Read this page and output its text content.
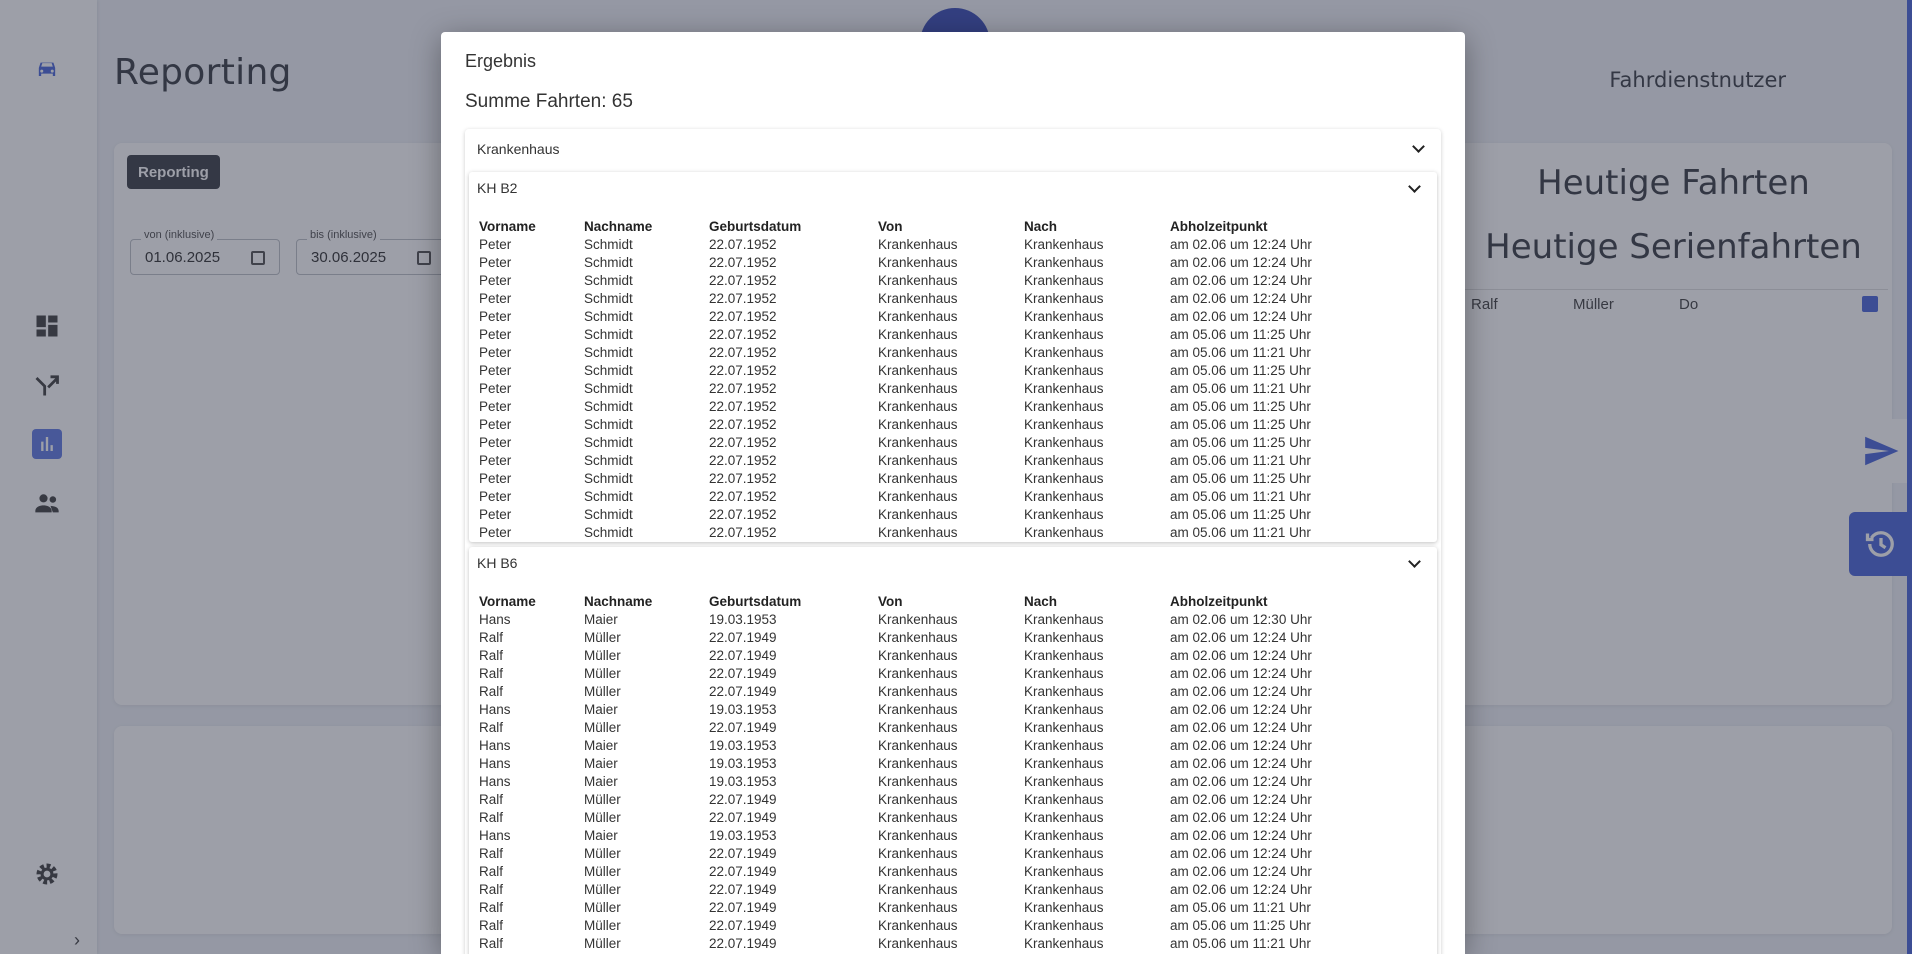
Ergebnis
Summe Fahrten: 65
Krankenhaus
KH B2
Vorname	Nachname	Geburtsdatum	Von	Nach	Abholzeitpunkt
Peter	Schmidt	22.07.1952	Krankenhaus	Krankenhaus	am 02.06 um 12:24 Uhr
Peter	Schmidt	22.07.1952	Krankenhaus	Krankenhaus	am 02.06 um 12:24 Uhr
Peter	Schmidt	22.07.1952	Krankenhaus	Krankenhaus	am 02.06 um 12:24 Uhr
Peter	Schmidt	22.07.1952	Krankenhaus	Krankenhaus	am 02.06 um 12:24 Uhr
Peter	Schmidt	22.07.1952	Krankenhaus	Krankenhaus	am 02.06 um 12:24 Uhr
Peter	Schmidt	22.07.1952	Krankenhaus	Krankenhaus	am 05.06 um 11:25 Uhr
Peter	Schmidt	22.07.1952	Krankenhaus	Krankenhaus	am 05.06 um 11:21 Uhr
Peter	Schmidt	22.07.1952	Krankenhaus	Krankenhaus	am 05.06 um 11:25 Uhr
Peter	Schmidt	22.07.1952	Krankenhaus	Krankenhaus	am 05.06 um 11:21 Uhr
Peter	Schmidt	22.07.1952	Krankenhaus	Krankenhaus	am 05.06 um 11:25 Uhr
Peter	Schmidt	22.07.1952	Krankenhaus	Krankenhaus	am 05.06 um 11:25 Uhr
Peter	Schmidt	22.07.1952	Krankenhaus	Krankenhaus	am 05.06 um 11:25 Uhr
Peter	Schmidt	22.07.1952	Krankenhaus	Krankenhaus	am 05.06 um 11:21 Uhr
Peter	Schmidt	22.07.1952	Krankenhaus	Krankenhaus	am 05.06 um 11:25 Uhr
Peter	Schmidt	22.07.1952	Krankenhaus	Krankenhaus	am 05.06 um 11:21 Uhr
Peter	Schmidt	22.07.1952	Krankenhaus	Krankenhaus	am 05.06 um 11:25 Uhr
Peter	Schmidt	22.07.1952	Krankenhaus	Krankenhaus	am 05.06 um 11:21 Uhr
KH B6
Vorname	Nachname	Geburtsdatum	Von	Nach	Abholzeitpunkt
Hans	Maier	19.03.1953	Krankenhaus	Krankenhaus	am 02.06 um 12:30 Uhr
Ralf	Müller	22.07.1949	Krankenhaus	Krankenhaus	am 02.06 um 12:24 Uhr
Ralf	Müller	22.07.1949	Krankenhaus	Krankenhaus	am 02.06 um 12:24 Uhr
Ralf	Müller	22.07.1949	Krankenhaus	Krankenhaus	am 02.06 um 12:24 Uhr
Ralf	Müller	22.07.1949	Krankenhaus	Krankenhaus	am 02.06 um 12:24 Uhr
Hans	Maier	19.03.1953	Krankenhaus	Krankenhaus	am 02.06 um 12:24 Uhr
Ralf	Müller	22.07.1949	Krankenhaus	Krankenhaus	am 02.06 um 12:24 Uhr
Hans	Maier	19.03.1953	Krankenhaus	Krankenhaus	am 02.06 um 12:24 Uhr
Hans	Maier	19.03.1953	Krankenhaus	Krankenhaus	am 02.06 um 12:24 Uhr
Hans	Maier	19.03.1953	Krankenhaus	Krankenhaus	am 02.06 um 12:24 Uhr
Ralf	Müller	22.07.1949	Krankenhaus	Krankenhaus	am 02.06 um 12:24 Uhr
Ralf	Müller	22.07.1949	Krankenhaus	Krankenhaus	am 02.06 um 12:24 Uhr
Hans	Maier	19.03.1953	Krankenhaus	Krankenhaus	am 02.06 um 12:24 Uhr
Ralf	Müller	22.07.1949	Krankenhaus	Krankenhaus	am 02.06 um 12:24 Uhr
Ralf	Müller	22.07.1949	Krankenhaus	Krankenhaus	am 02.06 um 12:24 Uhr
Ralf	Müller	22.07.1949	Krankenhaus	Krankenhaus	am 02.06 um 12:24 Uhr
Ralf	Müller	22.07.1949	Krankenhaus	Krankenhaus	am 05.06 um 11:21 Uhr
Ralf	Müller	22.07.1949	Krankenhaus	Krankenhaus	am 05.06 um 11:25 Uhr
Ralf	Müller	22.07.1949	Krankenhaus	Krankenhaus	am 05.06 um 11:21 Uhr
